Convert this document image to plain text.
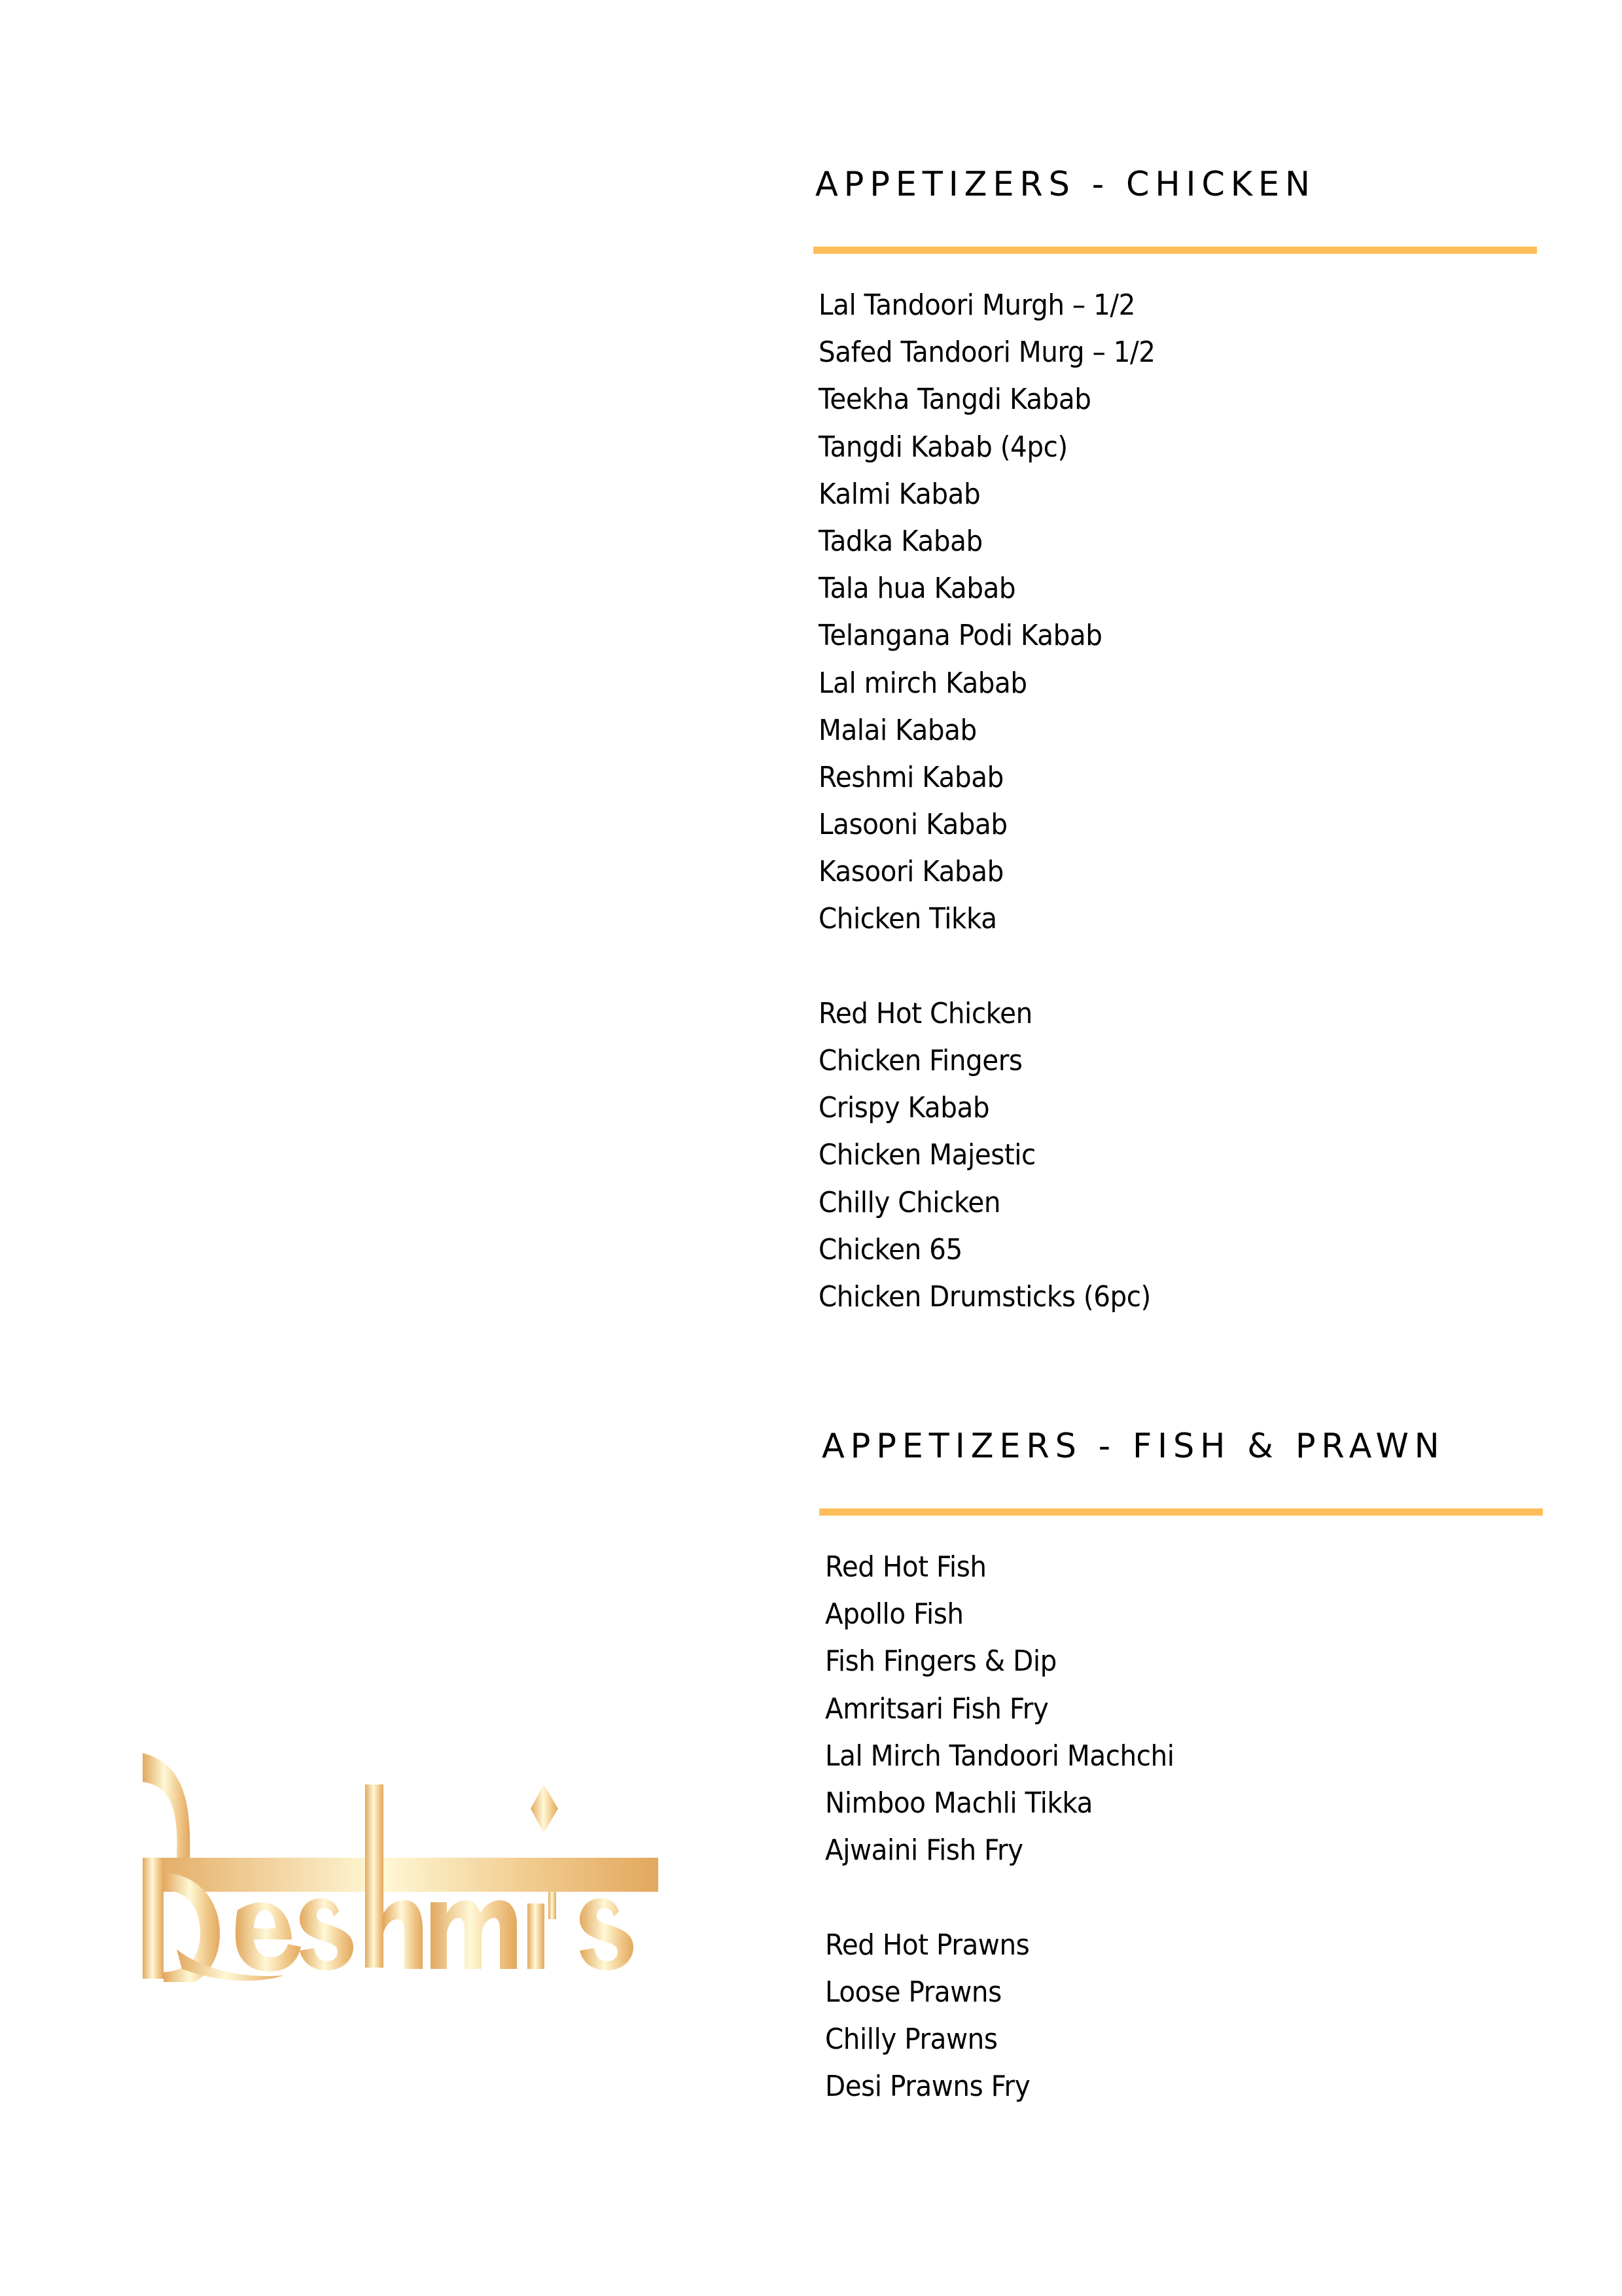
APPETIZERS - CHICKEN
Lal Tandoori Murgh – 1/2
Safed Tandoori Murg – 1/2
Teekha Tangdi Kabab
Tangdi Kabab (4pc)
Kalmi Kabab
Tadka Kabab
Tala hua Kabab
Telangana Podi Kabab
Lal mirch Kabab
Malai Kabab
Reshmi Kabab
Lasooni Kabab
Kasoori Kabab
Chicken Tikka
Red Hot Chicken
Chicken Fingers
Crispy Kabab
Chicken Majestic
Chilly Chicken
Chicken 65
Chicken Drumsticks (6pc)
APPETIZERS - FISH & PRAWN
Red Hot Fish
Apollo Fish
Fish Fingers & Dip
Amritsari Fish Fry
Lal Mirch Tandoori Machchi
Nimboo Machli Tikka
Ajwaini Fish Fry
Red Hot Prawns
Loose Prawns
Chilly Prawns
Desi Prawns Fry
